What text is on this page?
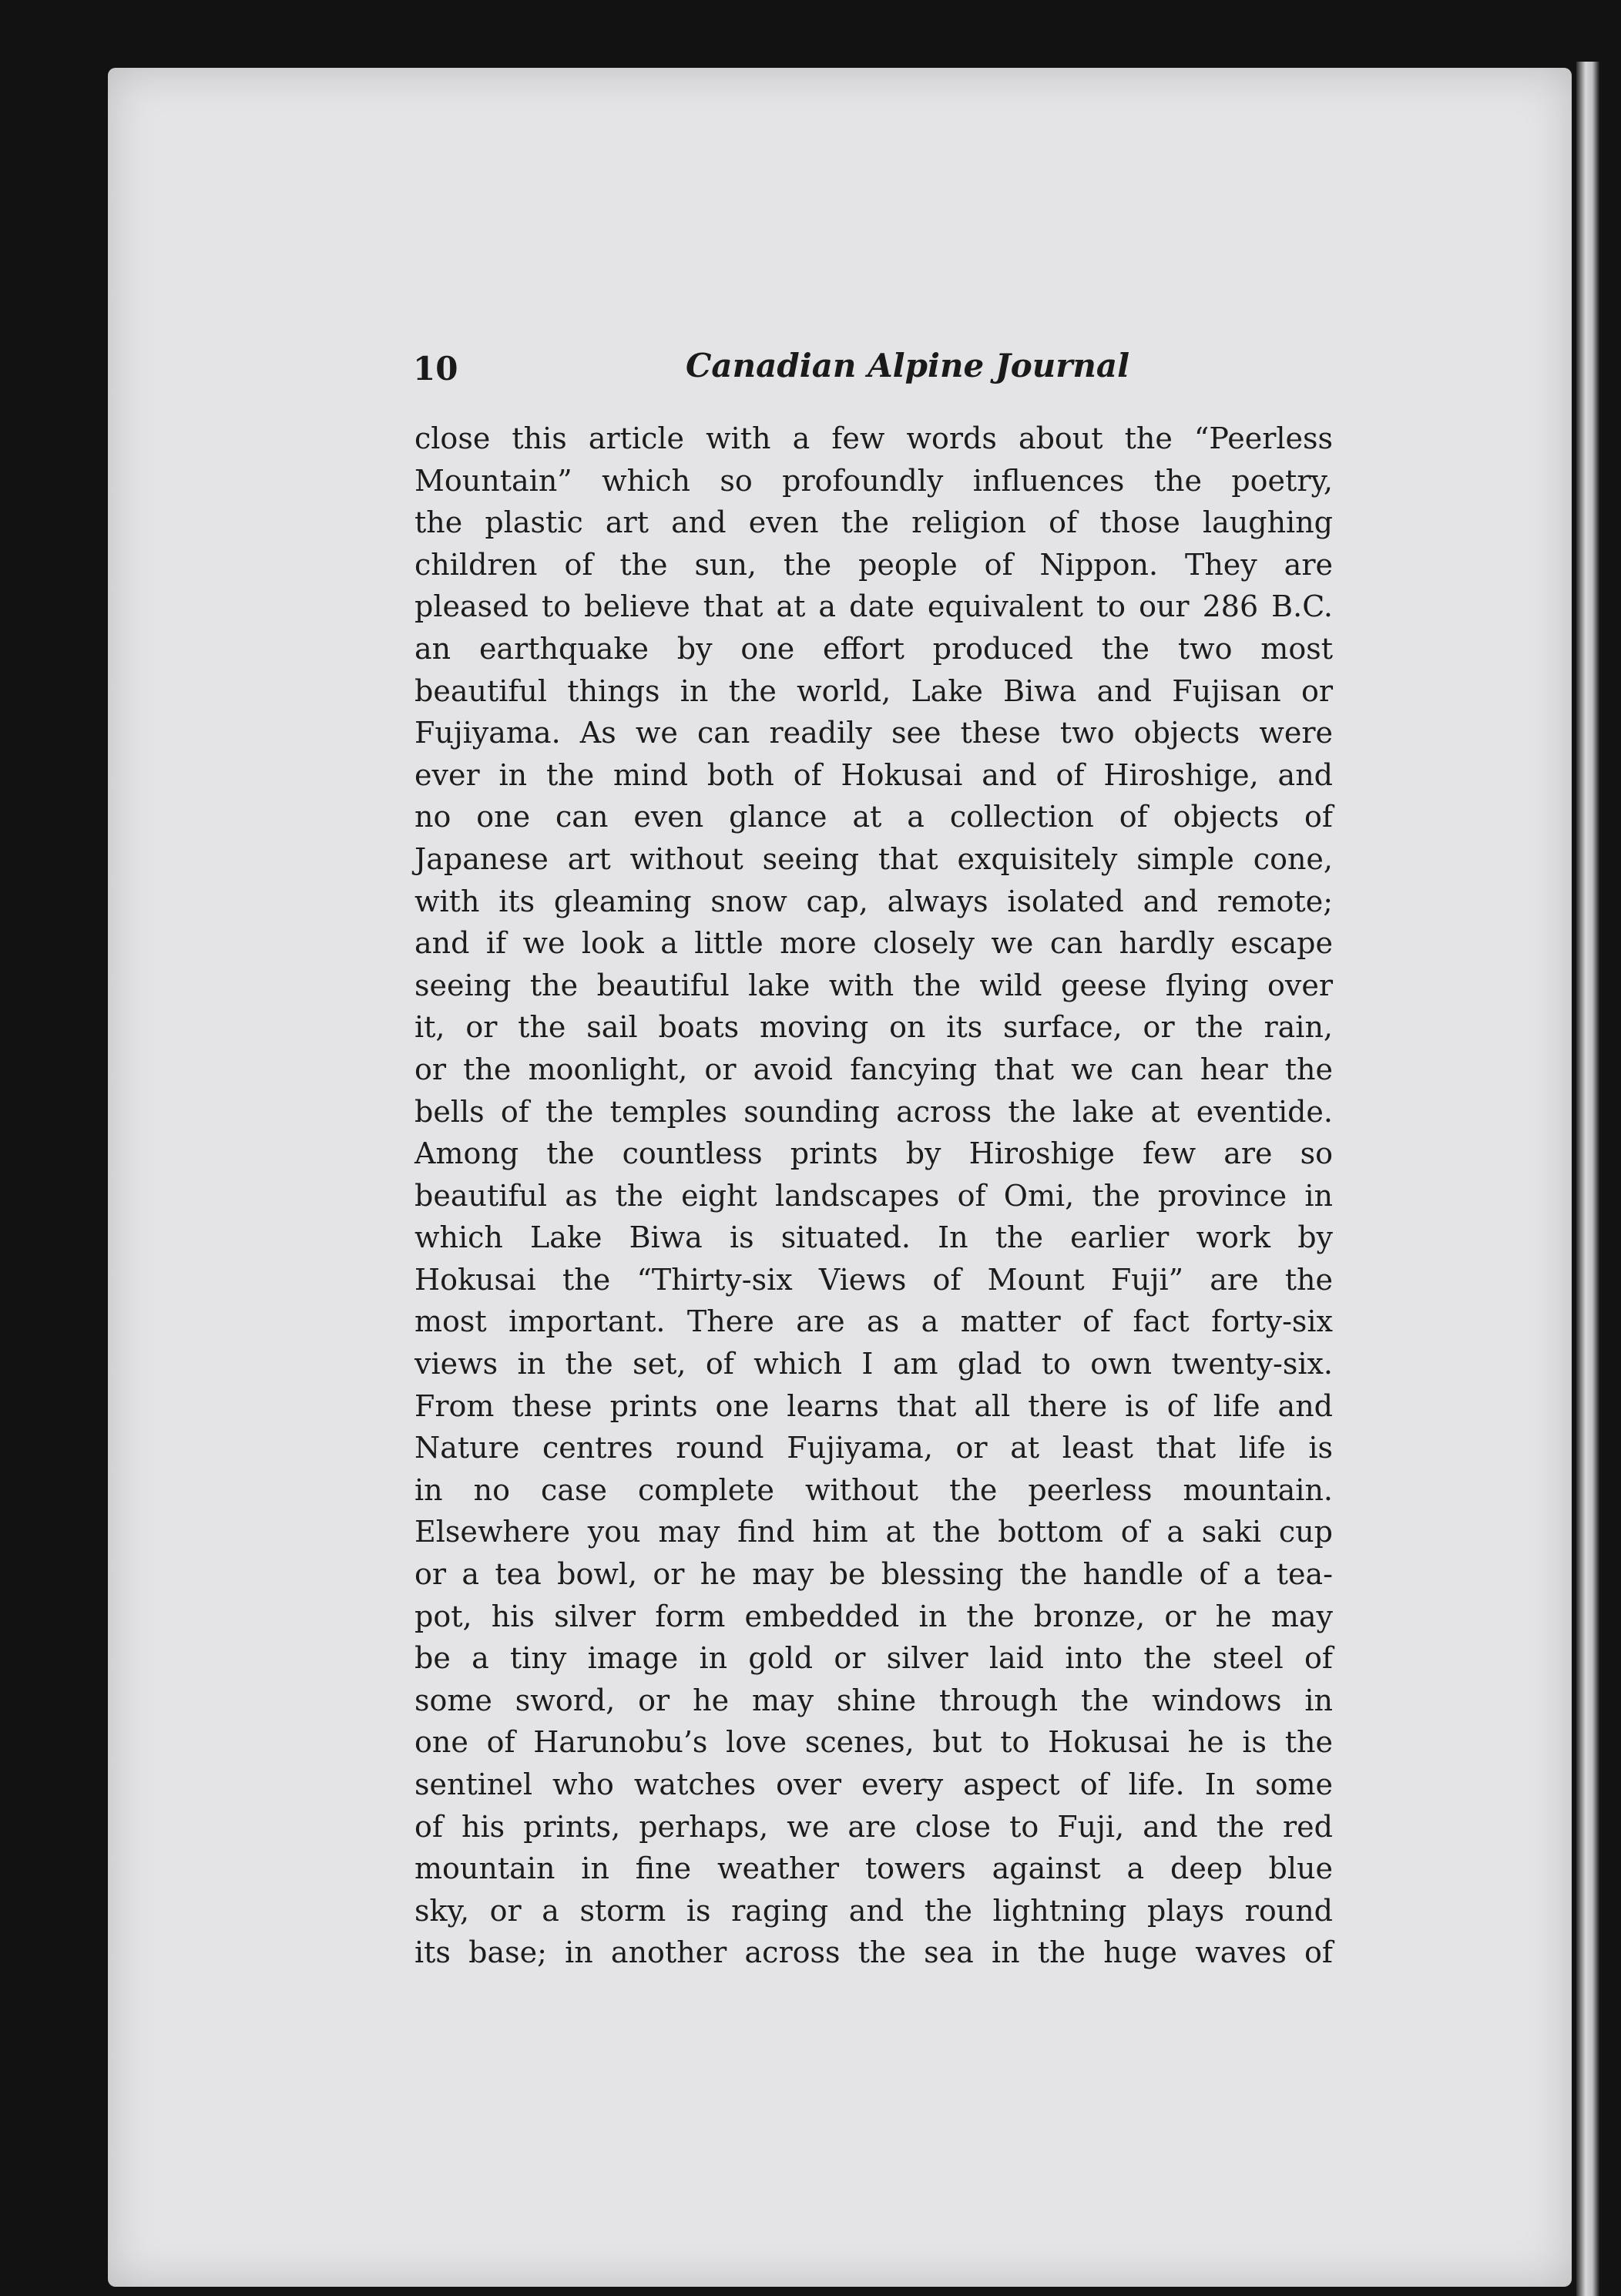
10	Canadian Alpine Journal
close this article with a few words about the “Peerless
Mountain” which so profoundly influences the poetry,
the plastic art and even the religion of those laughing
children of the sun, the people of Nippon. They are
pleased to believe that at a date equivalent to our 286 B.C.
an earthquake by one effort produced the two most
beautiful things in the world, Lake Biwa and Fujisan or
Fujiyama. As we can readily see these two objects were
ever in the mind both of Hokusai and of Hiroshige, and
no one can even glance at a collection of objects of
Japanese art without seeing that exquisitely simple cone,
with its gleaming snow cap, always isolated and remote;
and if we look a little more closely we can hardly escape
seeing the beautiful lake with the wild geese flying over
it, or the sail boats moving on its surface, or the rain,
or the moonlight, or avoid fancying that we can hear the
bells of the temples sounding across the lake at eventide.
Among the countless prints by Hiroshige few are so
beautiful as the eight landscapes of Omi, the province in
which Lake Biwa is situated. In the earlier work by
Hokusai the “Thirty-six Views of Mount Fuji” are the
most important. There are as a matter of fact forty-six
views in the set, of which I am glad to own twenty-six.
From these prints one learns that all there is of life and
Nature centres round Fujiyama, or at least that life is
in no case complete without the peerless mountain.
Elsewhere you may find him at the bottom of a saki cup
or a tea bowl, or he may be blessing the handle of a tea-
pot, his silver form embedded in the bronze, or he may
be a tiny image in gold or silver laid into the steel of
some sword, or he may shine through the windows in
one of Harunobu’s love scenes, but to Hokusai he is the
sentinel who watches over every aspect of life. In some
of his prints, perhaps, we are close to Fuji, and the red
mountain in fine weather towers against a deep blue
sky, or a storm is raging and the lightning plays round
its base; in another across the sea in the huge waves of
